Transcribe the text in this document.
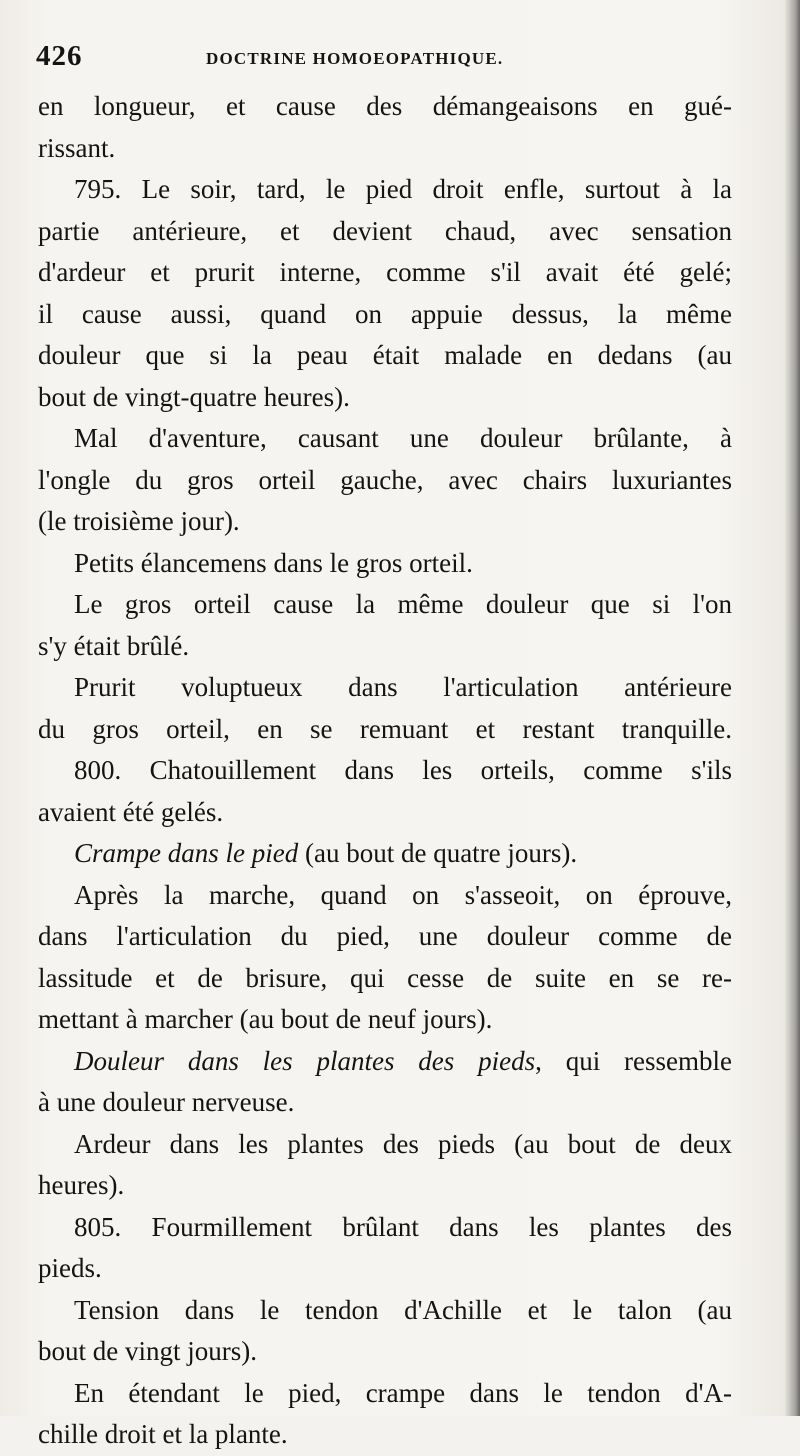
426	DOCTRINE HOMOEOPATHIQUE.
en longueur, et cause des démangeaisons en gué-
rissant.
795. Le soir, tard, le pied droit enfle, surtout à la
partie antérieure, et devient chaud, avec sensation
d'ardeur et prurit interne, comme s'il avait été gelé;
il cause aussi, quand on appuie dessus, la même
douleur que si la peau était malade en dedans (au
bout de vingt-quatre heures).
Mal d'aventure, causant une douleur brûlante, à
l'ongle du gros orteil gauche, avec chairs luxuriantes
(le troisième jour).
Petits élancemens dans le gros orteil.
Le gros orteil cause la même douleur que si l'on
s'y était brûlé.
Prurit voluptueux dans l'articulation antérieure
du gros orteil, en se remuant et restant tranquille.
800. Chatouillement dans les orteils, comme s'ils
avaient été gelés.
Crampe dans le pied (au bout de quatre jours).
Après la marche, quand on s'asseoit, on éprouve,
dans l'articulation du pied, une douleur comme de
lassitude et de brisure, qui cesse de suite en se re-
mettant à marcher (au bout de neuf jours).
Douleur dans les plantes des pieds, qui ressemble
à une douleur nerveuse.
Ardeur dans les plantes des pieds (au bout de deux
heures).
805. Fourmillement brûlant dans les plantes des
pieds.
Tension dans le tendon d'Achille et le talon (au
bout de vingt jours).
En étendant le pied, crampe dans le tendon d'A-
chille droit et la plante.
